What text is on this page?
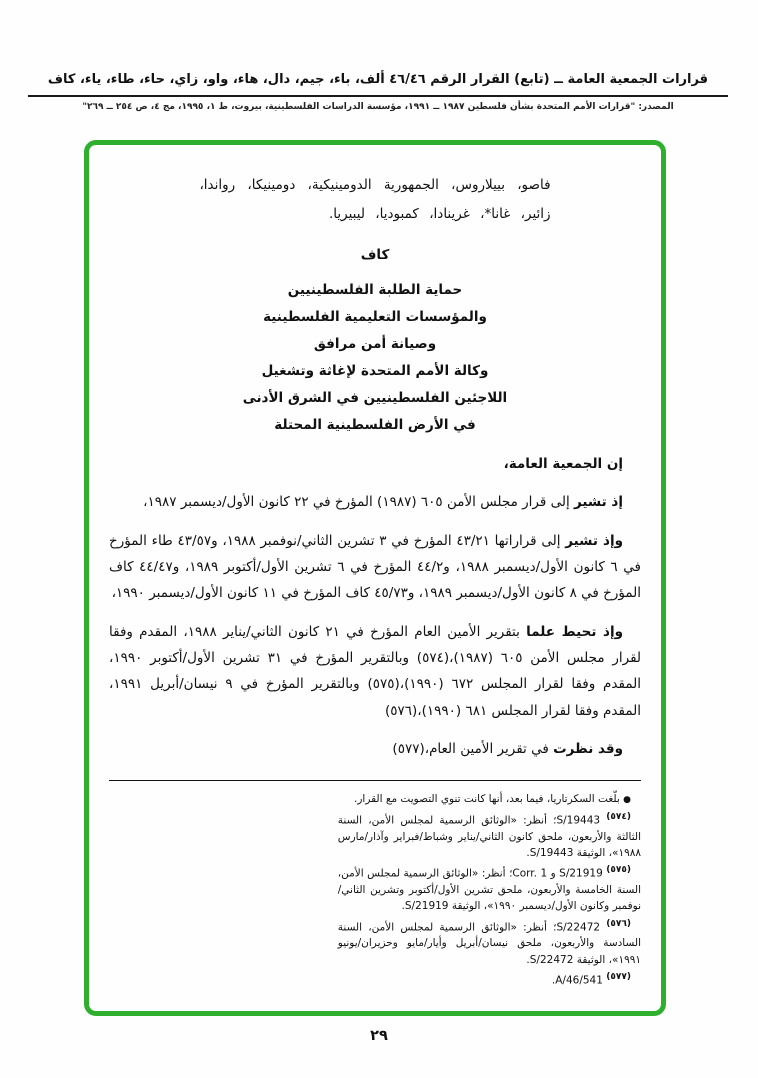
قرارات الجمعية العامة ــ (تابع) القرار الرقم ٤٦/٤٦ ألف، باء، جيم، دال، هاء، واو، زاي، حاء، طاء، ياء، كاف
المصدر: "قرارات الأمم المتحدة بشأن فلسطين ١٩٨٧ ــ ١٩٩١، مؤسسة الدراسات الفلسطينية، بيروت، ط ١، ١٩٩٥، مج ٤، ص ٢٥٤ ــ ٢٦٩"

فاصو، بييلاروس، الجمهورية الدومينيكية، دومينيكا، رواندا، زائير، غانا*، غرينادا، كمبوديا، ليبيريا.

كاف
حماية الطلبة الفلسطينيين
والمؤسسات التعليمية الفلسطينية
وصيانة أمن مرافق
وكالة الأمم المتحدة لإغاثة وتشغيل
اللاجئين الفلسطينيين في الشرق الأدنى
في الأرض الفلسطينية المحتلة

إن الجمعية العامة،

إذ تشير إلى قرار مجلس الأمن ٦٠٥ (١٩٨٧) المؤرخ في ٢٢ كانون الأول/ديسمبر ١٩٨٧،

وإذ تشير إلى قراراتها ٤٣/٢١ المؤرخ في ٣ تشرين الثاني/نوفمبر ١٩٨٨، و٤٣/٥٧ طاء المؤرخ في ٦ كانون الأول/ديسمبر ١٩٨٨، و٤٤/٢ المؤرخ في ٦ تشرين الأول/أكتوبر ١٩٨٩، و٤٤/٤٧ كاف المؤرخ في ٨ كانون الأول/ديسمبر ١٩٨٩، و٤٥/٧٣ كاف المؤرخ في ١١ كانون الأول/ديسمبر ١٩٩٠،

وإذ تحيط علما بتقرير الأمين العام المؤرخ في ٢١ كانون الثاني/يناير ١٩٨٨، المقدم وفقا لقرار مجلس الأمن ٦٠٥ (١٩٨٧)،(٥٧٤) وبالتقرير المؤرخ في ٣١ تشرين الأول/أكتوبر ١٩٩٠، المقدم وفقا لقرار المجلس ٦٧٢ (١٩٩٠)،(٥٧٥) وبالتقرير المؤرخ في ٩ نيسان/أبريل ١٩٩١، المقدم وفقا لقرار المجلس ٦٨١ (١٩٩٠)،(٥٧٦)

وقد نظرت في تقرير الأمين العام،(٥٧٧)

● بلّغت السكرتاريا، فيما بعد، أنها كانت تنوي التصويت مع القرار.

(٥٧٤) S/19443؛ أنظر: «الوثائق الرسمية لمجلس الأمن، السنة الثالثة والأربعون، ملحق كانون الثاني/يناير وشباط/فبراير وآذار/مارس ١٩٨٨»، الوثيقة S/19443.

(٥٧٥) S/21919 و Corr. 1؛ أنظر: «الوثائق الرسمية لمجلس الأمن، السنة الخامسة والأربعون، ملحق تشرين الأول/أكتوبر وتشرين الثاني/نوفمبر وكانون الأول/ديسمبر ١٩٩٠»، الوثيقة S/21919.

(٥٧٦) S/22472؛ أنظر: «الوثائق الرسمية لمجلس الأمن، السنة السادسة والأربعون، ملحق نيسان/أبريل وأيار/مايو وحزيران/يونيو ١٩٩١»، الوثيقة S/22472.

(٥٧٧) A/46/541.

٢٩
